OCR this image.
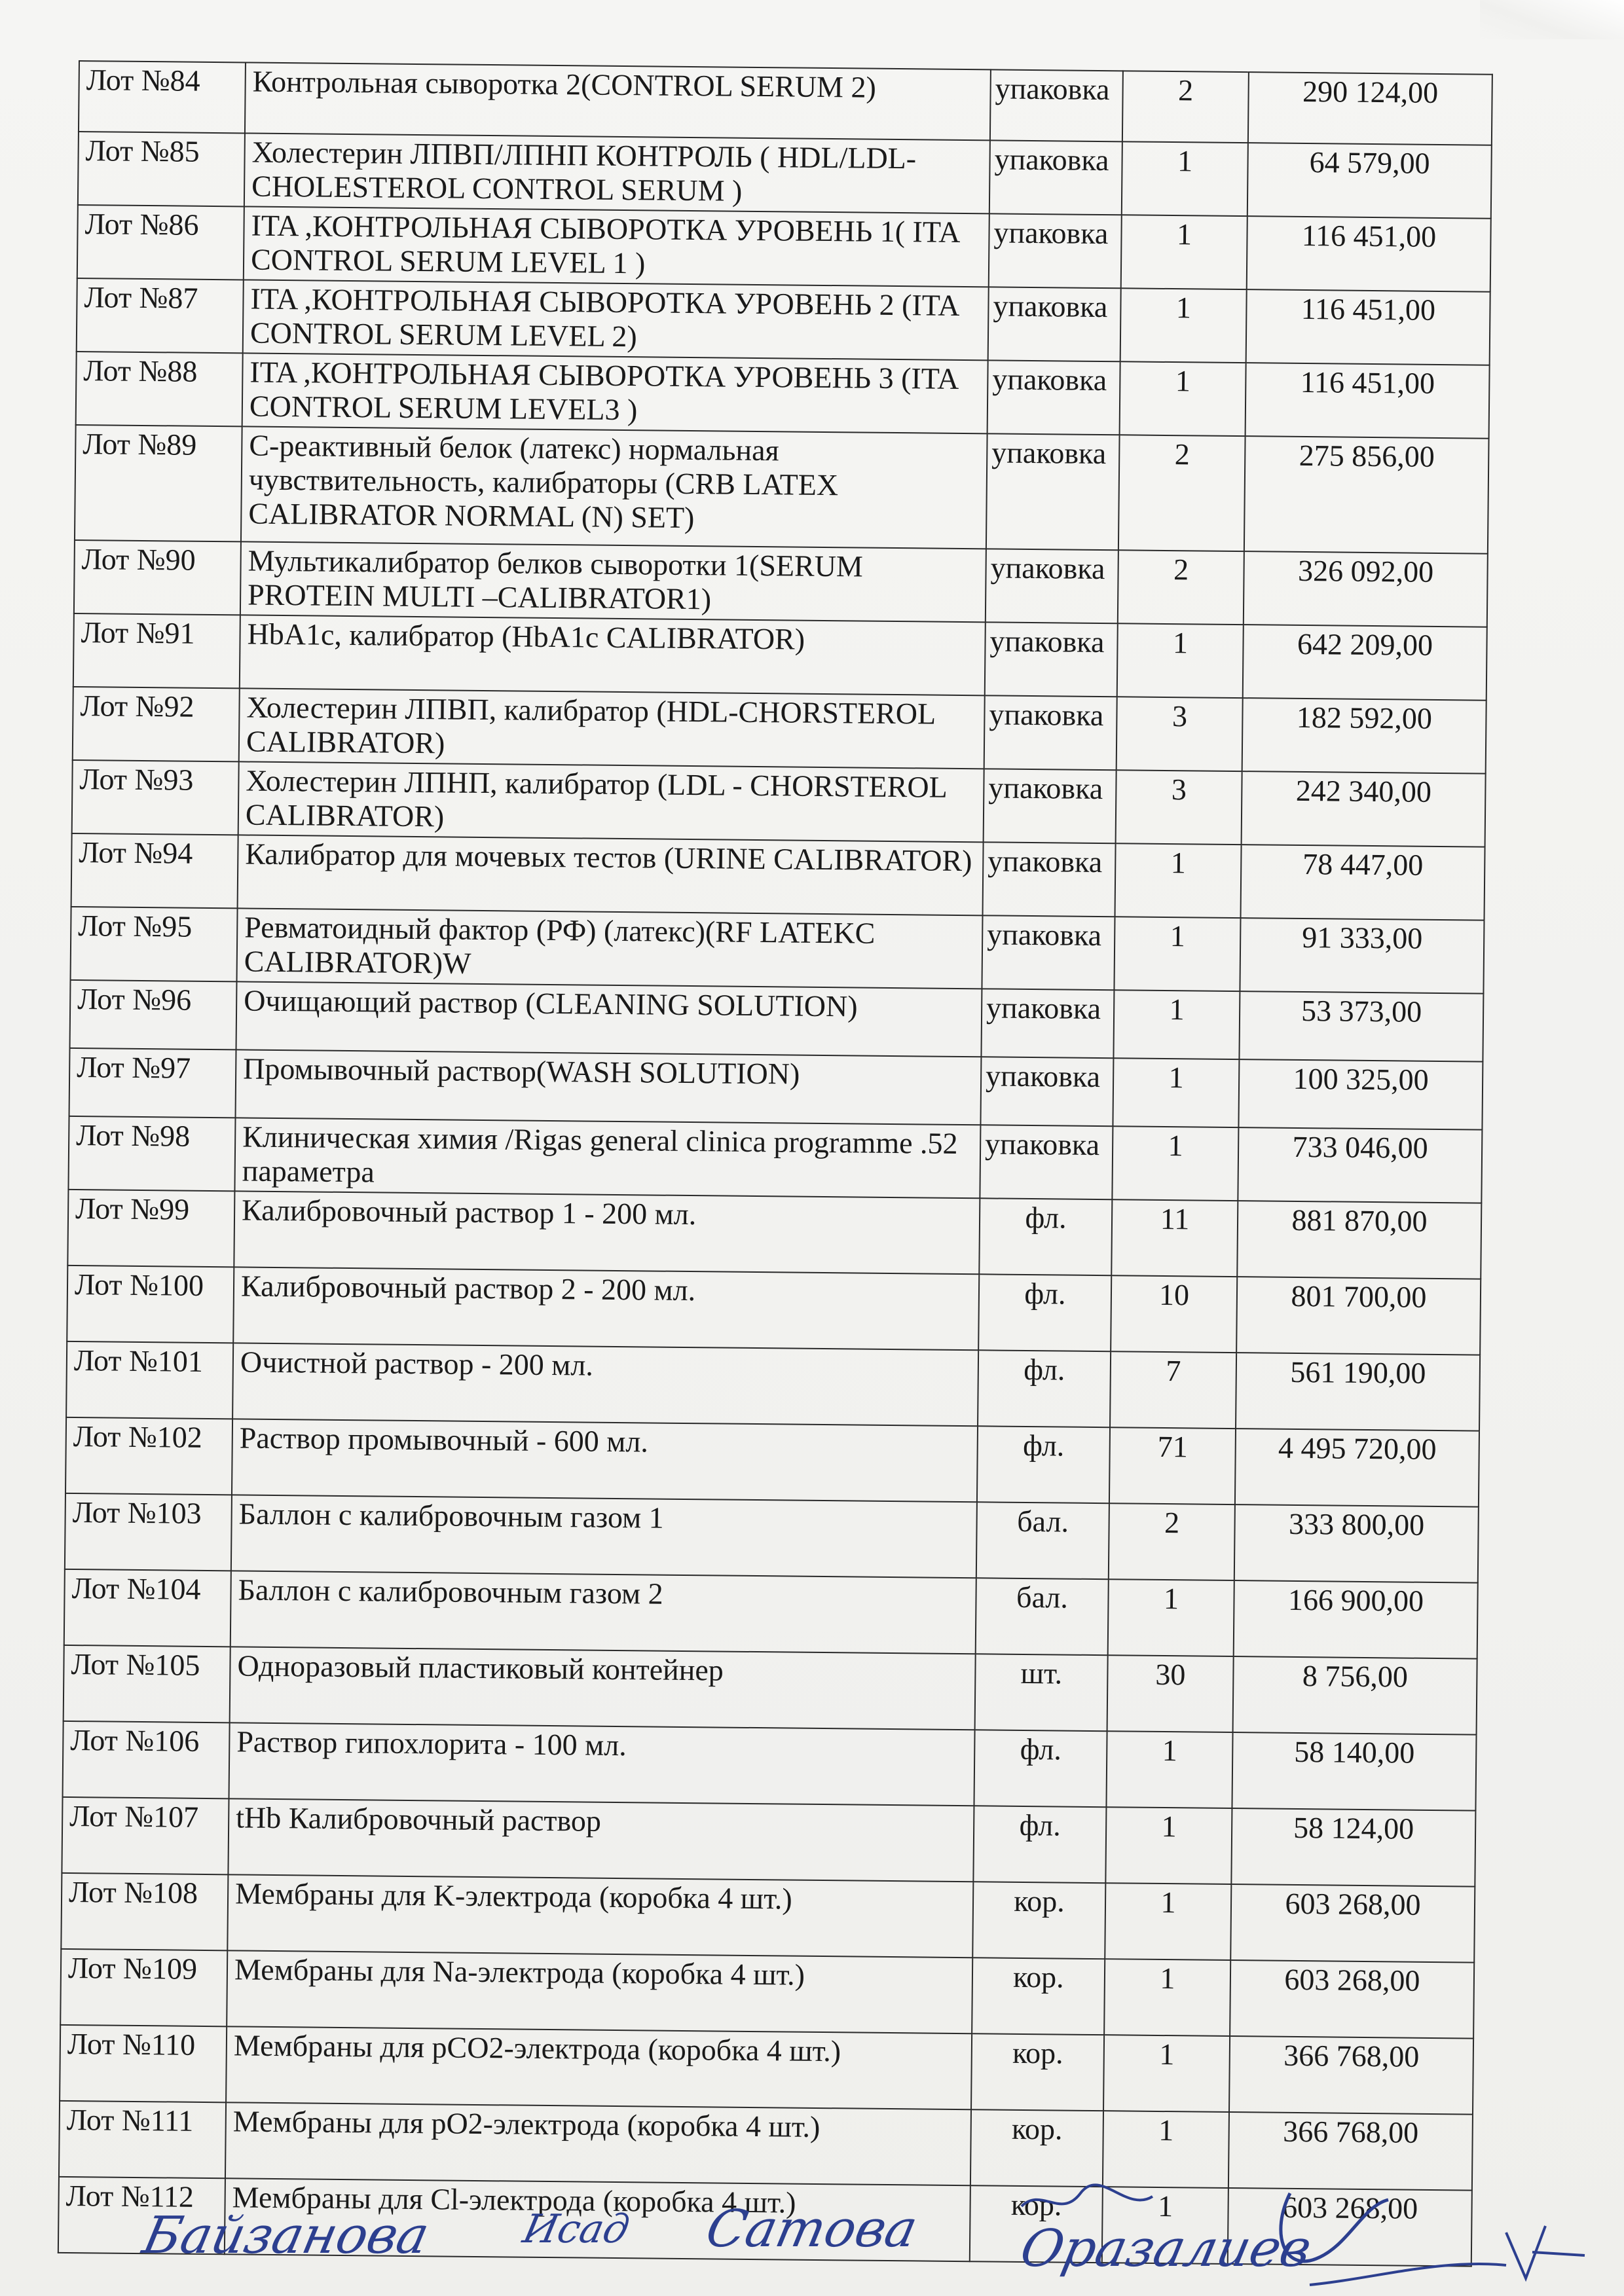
Лот №84	Контрольная сыворотка 2(CONTROL SERUM 2)	упаковка	2	290 124,00
Лот №85	Холестерин ЛПВП/ЛПНП КОНТРОЛЬ ( HDL/LDL- CHOLESTEROL CONTROL SERUM )	упаковка	1	64 579,00
Лот №86	ITA ,КОНТРОЛЬНАЯ СЫВОРОТКА УРОВЕНЬ 1( ITA CONTROL SERUM LEVEL 1 )	упаковка	1	116 451,00
Лот №87	ITA ,КОНТРОЛЬНАЯ СЫВОРОТКА УРОВЕНЬ 2 (ITA CONTROL SERUM LEVEL 2)	упаковка	1	116 451,00
Лот №88	ITA ,КОНТРОЛЬНАЯ СЫВОРОТКА УРОВЕНЬ 3 (ITA CONTROL SERUM LEVEL3 )	упаковка	1	116 451,00
Лот №89	С-реактивный белок (латекс) нормальная чувствительность, калибраторы (CRB LATEX CALIBRATOR NORMAL (N) SET)	упаковка	2	275 856,00
Лот №90	Мультикалибратор белков сыворотки 1(SERUM PROTEIN MULTI –CALIBRATOR1)	упаковка	2	326 092,00
Лот №91	HbA1c, калибратор (HbA1c CALIBRATOR)	упаковка	1	642 209,00
Лот №92	Холестерин ЛПВП, калибратор (HDL-CHORSTEROL CALIBRATOR)	упаковка	3	182 592,00
Лот №93	Холестерин ЛПНП, калибратор (LDL - CHORSTEROL CALIBRATOR)	упаковка	3	242 340,00
Лот №94	Калибратор для мочевых тестов (URINE CALIBRATOR)	упаковка	1	78 447,00
Лот №95	Ревматоидный фактор (РФ) (латекс)(RF LATEKC CALIBRATOR)W	упаковка	1	91 333,00
Лот №96	Очищающий раствор (CLEANING SOLUTION)	упаковка	1	53 373,00
Лот №97	Промывочный раствор(WASH SOLUTION)	упаковка	1	100 325,00
Лот №98	Клиническая химия /Rigas general clinica programme .52 параметра	упаковка	1	733 046,00
Лот №99	Калибровочный раствор 1 - 200 мл.	фл.	11	881 870,00
Лот №100	Калибровочный раствор 2 - 200 мл.	фл.	10	801 700,00
Лот №101	Очистной раствор - 200 мл.	фл.	7	561 190,00
Лот №102	Раствор промывочный - 600 мл.	фл.	71	4 495 720,00
Лот №103	Баллон с калибровочным газом 1	бал.	2	333 800,00
Лот №104	Баллон с калибровочным газом 2	бал.	1	166 900,00
Лот №105	Одноразовый пластиковый контейнер	шт.	30	8 756,00
Лот №106	Раствор гипохлорита - 100 мл.	фл.	1	58 140,00
Лот №107	tHb Калибровочный раствор	фл.	1	58 124,00
Лот №108	Мембраны для K-электрода (коробка 4 шт.)	кор.	1	603 268,00
Лот №109	Мембраны для Na-электрода (коробка 4 шт.)	кор.	1	603 268,00
Лот №110	Мембраны для pCO2-электрода (коробка 4 шт.)	кор.	1	366 768,00
Лот №111	Мембраны для pO2-электрода (коробка 4 шт.)	кор.	1	366 768,00
Лот №112	Мембраны для Cl-электрода (коробка 4 шт.)	кор.	1	603 268,00
Байзанова Исад Сатова Оразалиев
